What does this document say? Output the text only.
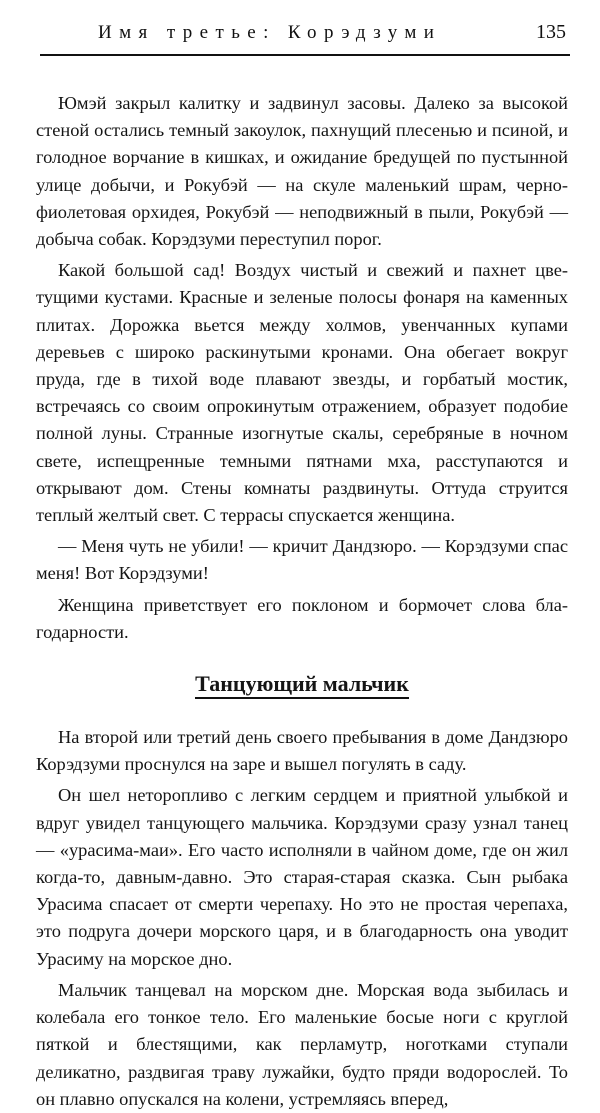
Имя третье: Корэдзуми	135

Юмэй закрыл калитку и задвинул засовы. Далеко за высокой стеной остались темный закоулок, пахнущий плесенью и псиной, и голодное ворчание в кишках, и ожидание бредущей по пустынной улице добычи, и Рокубэй — на скуле маленький шрам, черно-фиолетовая орхидея, Рокубэй — неподвижный в пыли, Рокубэй — добыча собак. Корэдзуми переступил порог.

Какой большой сад! Воздух чистый и свежий и пахнет цветущими кустами. Красные и зеленые полосы фонаря на каменных плитах. Дорожка вьется между холмов, увенчанных купами деревьев с широко раскинутыми кронами. Она обегает вокруг пруда, где в тихой воде плавают звезды, и горбатый мостик, встречаясь со своим опрокинутым отражением, образует подобие полной луны. Странные изогнутые скалы, серебряные в ночном свете, испещренные темными пятнами мха, расступаются и открывают дом. Стены комнаты раздвинуты. Оттуда струится теплый желтый свет. С террасы спускается женщина.

— Меня чуть не убили! — кричит Дандзюро. — Корэдзуми спас меня! Вот Корэдзуми!

Женщина приветствует его поклоном и бормочет слова благодарности.

Танцующий мальчик

На второй или третий день своего пребывания в доме Дандзюро Корэдзуми проснулся на заре и вышел погулять в саду.

Он шел неторопливо с легким сердцем и приятной улыбкой и вдруг увидел танцующего мальчика. Корэдзуми сразу узнал танец — «урасима-маи». Его часто исполняли в чайном доме, где он жил когда-то, давным-давно. Это старая-старая сказка. Сын рыбака Урасима спасает от смерти черепаху. Но это не простая черепаха, это подруга дочери морского царя, и в благодарность она уводит Урасиму на морское дно.

Мальчик танцевал на морском дне. Морская вода зыбилась и колебала его тонкое тело. Его маленькие босые ноги с круглой пяткой и блестящими, как перламутр, ноготками ступали деликатно, раздвигая траву лужайки, будто пряди водорослей. То он плавно опускался на колени, устремляясь вперед,
